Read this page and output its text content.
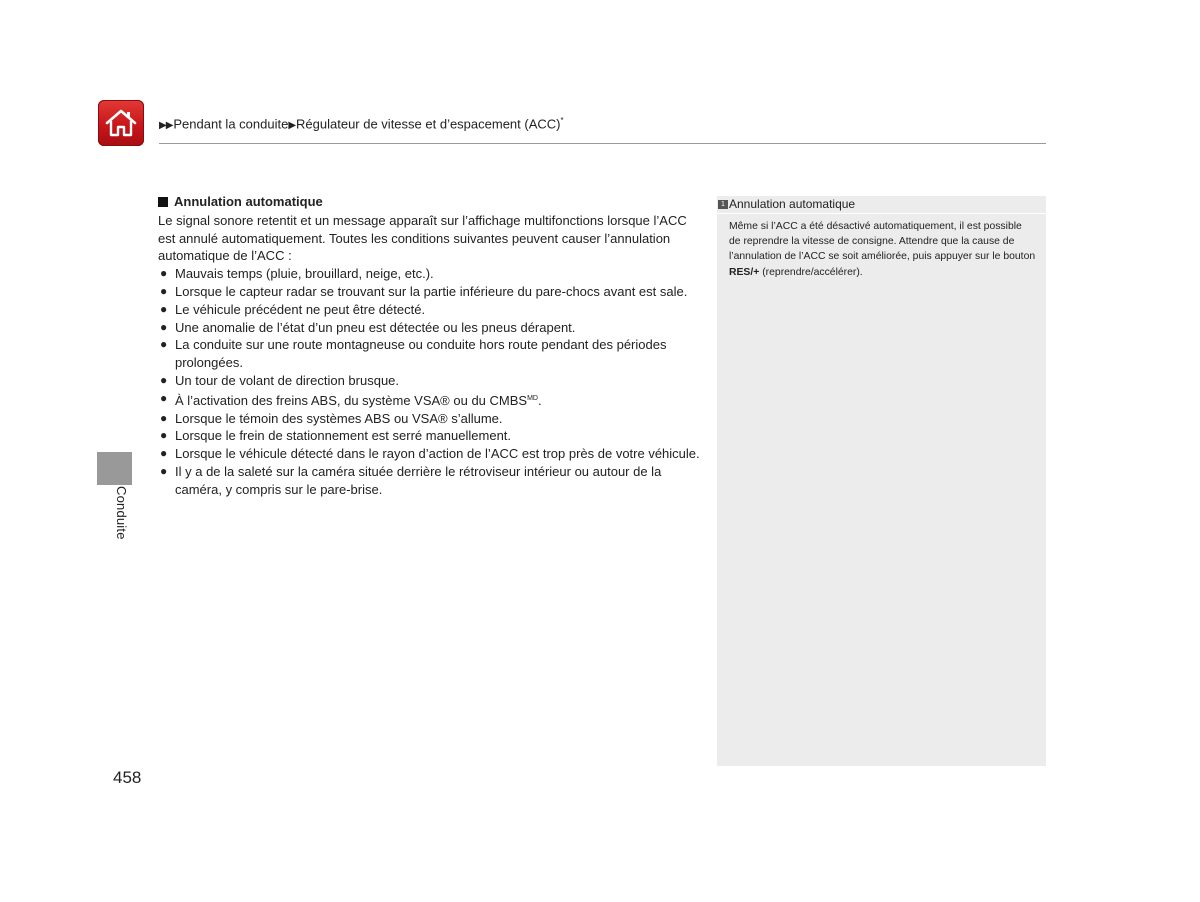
▶▶Pendant la conduite▶Régulateur de vitesse et d’espacement (ACC)*
Conduite
Annulation automatique

Le signal sonore retentit et un message apparaît sur l’affichage multifonctions lorsque l’ACC est annulé automatiquement. Toutes les conditions suivantes peuvent causer l’annulation automatique de l’ACC :

● Mauvais temps (pluie, brouillard, neige, etc.).
● Lorsque le capteur radar se trouvant sur la partie inférieure du pare-chocs avant est sale.
● Le véhicule précédent ne peut être détecté.
● Une anomalie de l’état d’un pneu est détectée ou les pneus dérapent.
● La conduite sur une route montagneuse ou conduite hors route pendant des périodes prolongées.
● Un tour de volant de direction brusque.
● À l’activation des freins ABS, du système VSA® ou du $CMBS^{MD}$.
● Lorsque le témoin des systèmes ABS ou VSA® s’allume.
● Lorsque le frein de stationnement est serré manuellement.
● Lorsque le véhicule détecté dans le rayon d’action de l’ACC est trop près de votre véhicule.
● Il y a de la saleté sur la caméra située derrière le rétroviseur intérieur ou autour de la caméra, y compris sur le pare-brise.
1 Annulation automatique
Même si l’ACC a été désactivé automatiquement, il est possible de reprendre la vitesse de consigne. Attendre que la cause de l’annulation de l’ACC se soit améliorée, puis appuyer sur le bouton RES/+ (reprendre/accélérer).
458
